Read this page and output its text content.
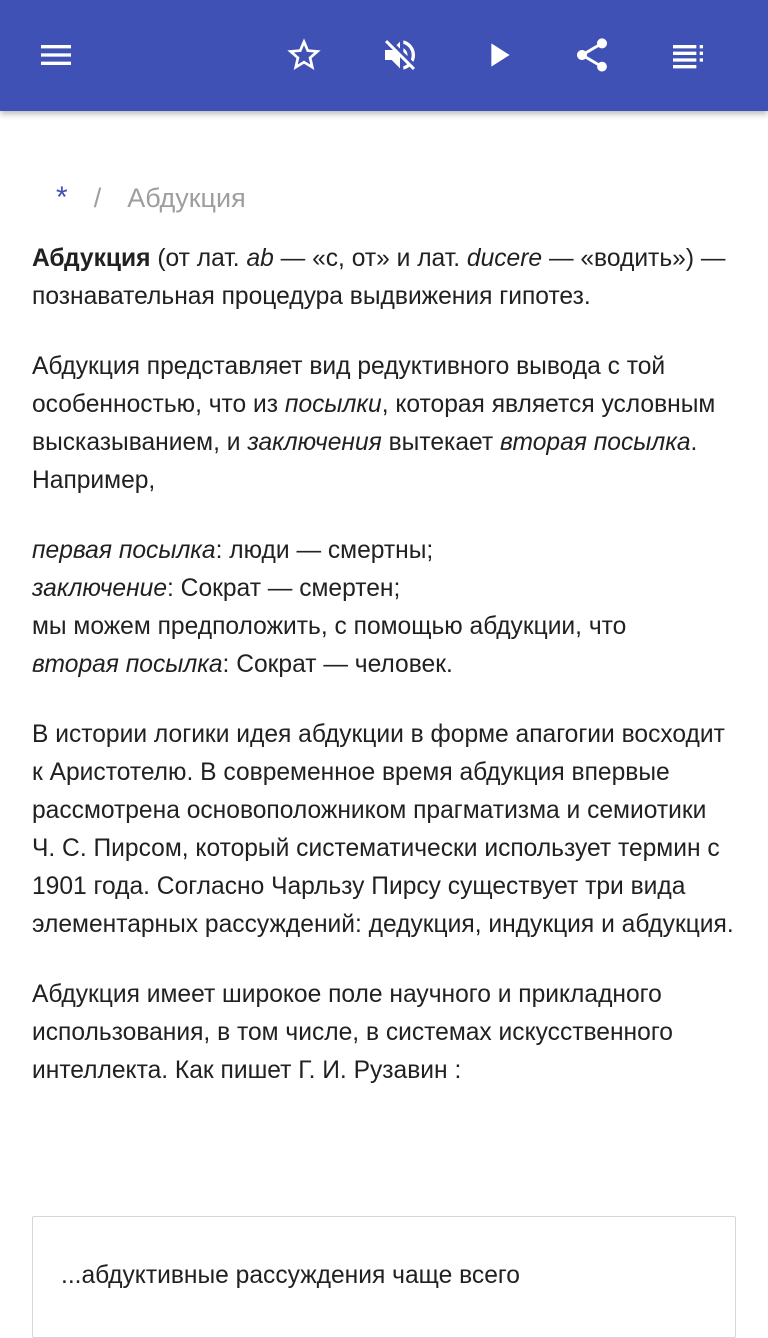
* / Абдукция

Абдукция (от лат. ab — «с, от» и лат. ducere — «водить») — познавательная процедура выдвижения гипотез.

Абдукция представляет вид редуктивного вывода с той особенностью, что из посылки, которая является условным высказыванием, и заключения вытекает вторая посылка. Например,

первая посылка: люди — смертны;
заключение: Сократ — смертен;
мы можем предположить, с помощью абдукции, что
вторая посылка: Сократ — человек.

В истории логики идея абдукции в форме апагогии восходит к Аристотелю. В современное время абдукция впервые рассмотрена основоположником прагматизма и семиотики Ч. С. Пирсом, который систематически использует термин с 1901 года. Согласно Чарльзу Пирсу существует три вида элементарных рассуждений: дедукция, индукция и абдукция.

Абдукция имеет широкое поле научного и прикладного использования, в том числе, в системах искусственного интеллекта. Как пишет Г. И. Рузавин :

...абдуктивные рассуждения чаще всего
